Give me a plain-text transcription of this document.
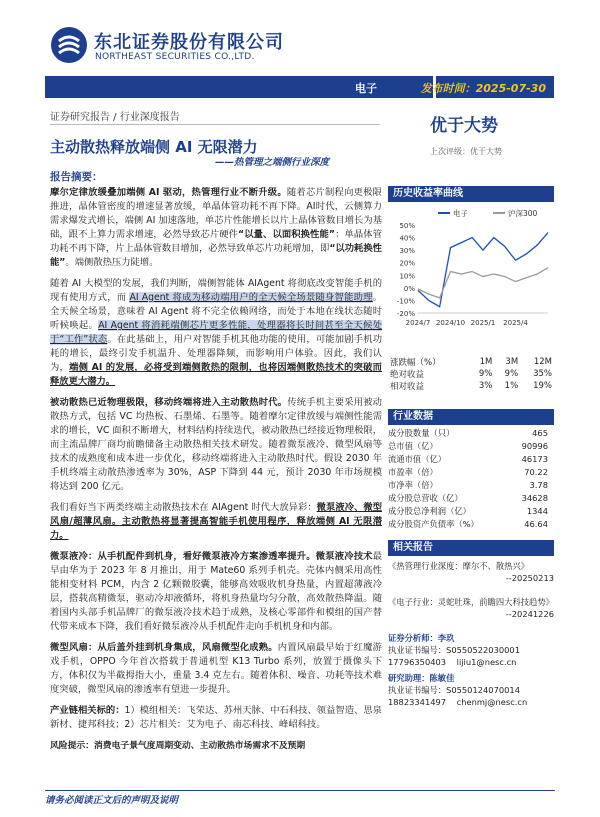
东北证券股份有限公司
NORTHEAST SECURITIES CO.,LTD.
电子	发布时间：2025-07-30
证券研究报告 / 行业深度报告	优于大势
上次评级：优于大势
主动散热释放端侧 AI 无限潜力
——热管理之端侧行业深度
报告摘要：
摩尔定律放缓叠加端侧 AI 驱动，热管理行业不断升级。随着芯片制程向更极限推进，晶体管密度的增速显著放缓，单晶体管功耗不再下降。AI时代，云侧算力需求爆发式增长，端侧 AI 加速落地，单芯片性能增长以片上晶体管数目增长为基础，跟不上算力需求增速，必然导致芯片硬件“以量、以面积换性能”：单晶体管功耗不再下降，片上晶体管数目增加，必然导致单芯片功耗增加，即“以功耗换性能”。端侧散热压力陡增。
随着 AI 大模型的发展，我们判断，端侧智能体 AIAgent 将彻底改变智能手机的现有使用方式，而 AI Agent 将成为移动端用户的全天候全场景随身智能助理。全天候全场景，意味着 AI Agent 将不完全依赖网络，而处于本地在线状态随时听候唤起。AI Agent 将消耗端侧芯片更多性能，处理器将长时间甚至全天候处于“工作”状态。在此基础上，用户对智能手机其他功能的使用，可能加剧手机功耗的增长，最终引发手机温升、处理器降频，而影响用户体验。因此，我们认为，端侧 AI 的发展，必将受到端侧散热的限制，也将因端侧散热技术的突破而释放更大潜力。
被动散热已近物理极限，移动终端将进入主动散热时代。传统手机主要采用被动散热方式，包括 VC 均热板、石墨烯、石墨等。随着摩尔定律放缓与端侧性能需求的增长，VC 面积不断增大，材料结构持续迭代，被动散热已经接近物理极限，而主流品牌厂商均前瞻储备主动散热相关技术研发。随着微泵液冷、微型风扇等技术的成熟度和成本进一步优化，移动终端将进入主动散热时代。假设 2030 年手机终端主动散热渗透率为 30%，ASP 下降到 44 元，预计 2030 年市场规模将达到 200 亿元。
我们看好当下两类终端主动散热技术在 AIAgent 时代大放异彩：微泵液冷、微型风扇/超薄风扇。主动散热将显著提高智能手机使用程序，释放端侧 AI 无限潜力。
微泵液冷：从手机配件到机身，看好微泵液冷方案渗透率提升。微泵液冷技术最早由华为于 2023 年 8 月推出，用于 Mate60 系列手机壳。壳体内侧采用高性能相变材料 PCM，内含 2 亿颗微胶囊，能够高效吸收机身热量，内置超薄液冷层，搭载高精微泵，驱动冷却液循环，将机身热量均匀分散，高效散热降温。随着国内头部手机品牌厂的微泵液冷技术趋于成熟，及核心零部件和模组的国产替代带来成本下降，我们看好微泵液冷从手机配件走向手机机身和内部。
微型风扇：从后盖外挂到机身集成，风扇微型化成熟。内置风扇最早始于红魔游戏手机，OPPO 今年首次搭载于普通机型 K13 Turbo 系列，放置于摄像头下方，体积仅为半截拇指大小，重量 3.4 克左右。随着体积、噪音、功耗等技术难度突破，微型风扇的渗透率有望进一步提升。
产业链相关标的：1）模组相关：飞荣达、苏州天脉、中石科技、领益智造、思泉新材、捷邦科技；2）芯片相关：艾为电子、南芯科技、峰岹科技。
风险提示：消费电子景气度周期变动、主动散热市场需求不及预期
历史收益率曲线
50%
40%
30%
20%
10%
0%
-10%
-20%
2024/7 2024/10 2025/1 2025/4
电子	沪深300
涨跌幅（%）	1M	3M	12M
绝对收益	9%	9%	35%
相对收益	3%	1%	19%
行业数据
成分股数量（只）	465
总市值（亿）	90996
流通市值（亿）	46173
市盈率（倍）	70.22
市净率（倍）	3.78
成分股总营收（亿）	34628
成分股总净利润（亿）	1344
成分股资产负债率（%）	46.64
相关报告
《热管理行业深度：摩尔不、散热兴》
--20250213
《电子行业：灵蛇吐珠，前瞻四大科技趋势》
--20241226
证券分析师：李玖
执业证书编号：S0550522030001
17796350403 lijiu1@nesc.cn
研究助理：陈敏佳
执业证书编号：S0550124070014
18823341497 chenmj@nesc.cn
请务必阅读正文后的声明及说明
